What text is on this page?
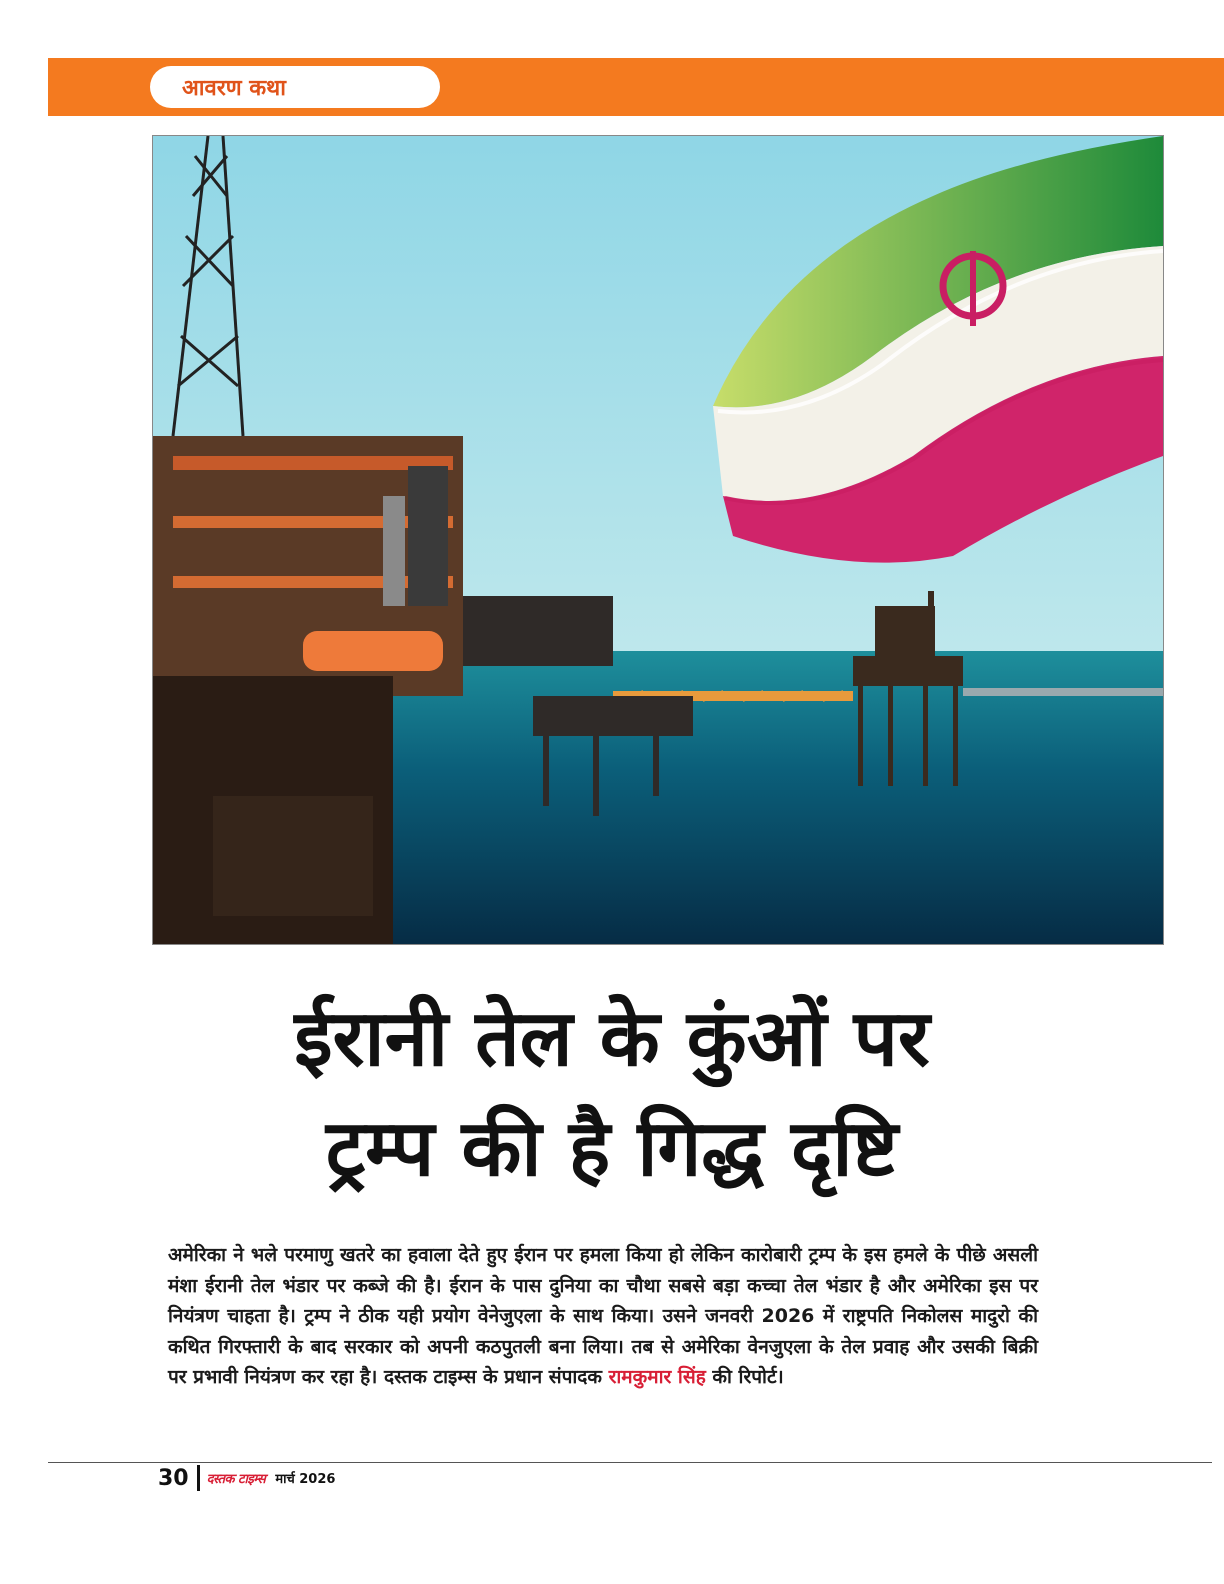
आवरण कथा
ईरानी तेल के कुंओं पर
ट्रम्प की है गिद्ध दृष्टि
अमेरिका ने भले परमाणु खतरे का हवाला देते हुए ईरान पर हमला किया हो लेकिन कारोबारी ट्रम्प के इस हमले के पीछे असली मंशा ईरानी तेल भंडार पर कब्जे की है। ईरान के पास दुनिया का चौथा सबसे बड़ा कच्चा तेल भंडार है और अमेरिका इस पर नियंत्रण चाहता है। ट्रम्प ने ठीक यही प्रयोग वेनेजुएला के साथ किया। उसने जनवरी 2026 में राष्ट्रपति निकोलस मादुरो की कथित गिरफ्तारी के बाद सरकार को अपनी कठपुतली बना लिया। तब से अमेरिका वेनजुएला के तेल प्रवाह और उसकी बिक्री पर प्रभावी नियंत्रण कर रहा है। दस्तक टाइम्स के प्रधान संपादक रामकुमार सिंह की रिपोर्ट।
30 दस्तक टाइम्स मार्च 2026
